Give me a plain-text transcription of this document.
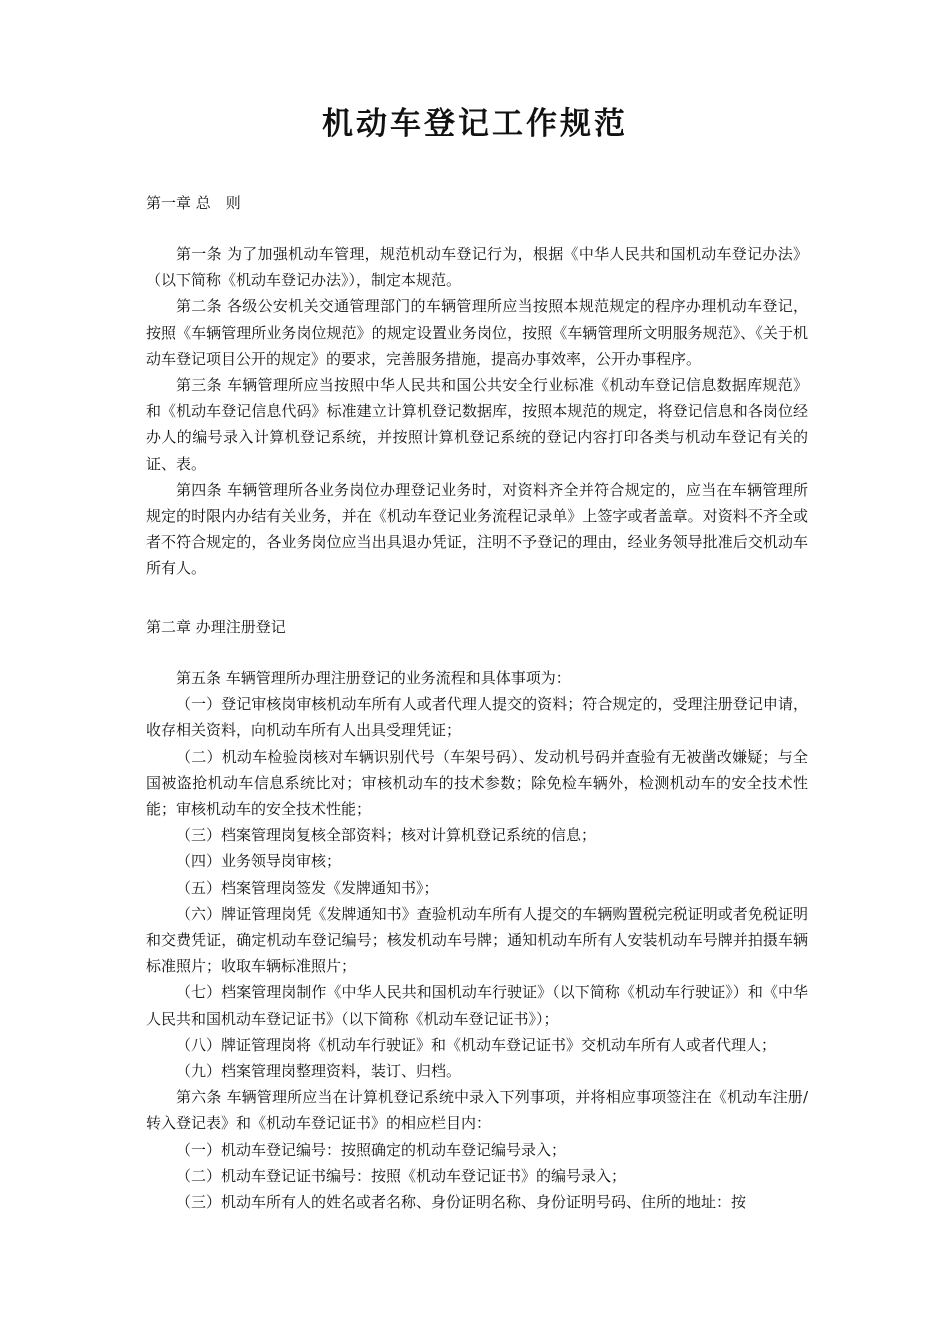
机动车登记工作规范
第一章 总　则

第一条 为了加强机动车管理，规范机动车登记行为，根据《中华人民共和国机动车登记办法》（以下简称《机动车登记办法》），制定本规范。

第二条 各级公安机关交通管理部门的车辆管理所应当按照本规范规定的程序办理机动车登记，按照《车辆管理所业务岗位规范》的规定设置业务岗位，按照《车辆管理所文明服务规范》、《关于机动车登记项目公开的规定》的要求，完善服务措施，提高办事效率，公开办事程序。

第三条 车辆管理所应当按照中华人民共和国公共安全行业标准《机动车登记信息数据库规范》和《机动车登记信息代码》标准建立计算机登记数据库，按照本规范的规定，将登记信息和各岗位经办人的编号录入计算机登记系统，并按照计算机登记系统的登记内容打印各类与机动车登记有关的证、表。

第四条 车辆管理所各业务岗位办理登记业务时，对资料齐全并符合规定的，应当在车辆管理所规定的时限内办结有关业务，并在《机动车登记业务流程记录单》上签字或者盖章。对资料不齐全或者不符合规定的，各业务岗位应当出具退办凭证，注明不予登记的理由，经业务领导批准后交机动车所有人。

第二章 办理注册登记

第五条 车辆管理所办理注册登记的业务流程和具体事项为：

（一）登记审核岗审核机动车所有人或者代理人提交的资料；符合规定的，受理注册登记申请，收存相关资料，向机动车所有人出具受理凭证；

（二）机动车检验岗核对车辆识别代号（车架号码）、发动机号码并查验有无被凿改嫌疑；与全国被盗抢机动车信息系统比对；审核机动车的技术参数；除免检车辆外，检测机动车的安全技术性能；审核机动车的安全技术性能；

（三）档案管理岗复核全部资料；核对计算机登记系统的信息；

（四）业务领导岗审核；

（五）档案管理岗签发《发牌通知书》；

（六）牌证管理岗凭《发牌通知书》查验机动车所有人提交的车辆购置税完税证明或者免税证明和交费凭证，确定机动车登记编号；核发机动车号牌；通知机动车所有人安装机动车号牌并拍摄车辆标准照片；收取车辆标准照片；

（七）档案管理岗制作《中华人民共和国机动车行驶证》（以下简称《机动车行驶证》）和《中华人民共和国机动车登记证书》（以下简称《机动车登记证书》）；

（八）牌证管理岗将《机动车行驶证》和《机动车登记证书》交机动车所有人或者代理人；

（九）档案管理岗整理资料，装订、归档。

第六条 车辆管理所应当在计算机登记系统中录入下列事项，并将相应事项签注在《机动车注册/转入登记表》和《机动车登记证书》的相应栏目内：

（一）机动车登记编号：按照确定的机动车登记编号录入；

（二）机动车登记证书编号：按照《机动车登记证书》的编号录入；

（三）机动车所有人的姓名或者名称、身份证明名称、身份证明号码、住所的地址：按
